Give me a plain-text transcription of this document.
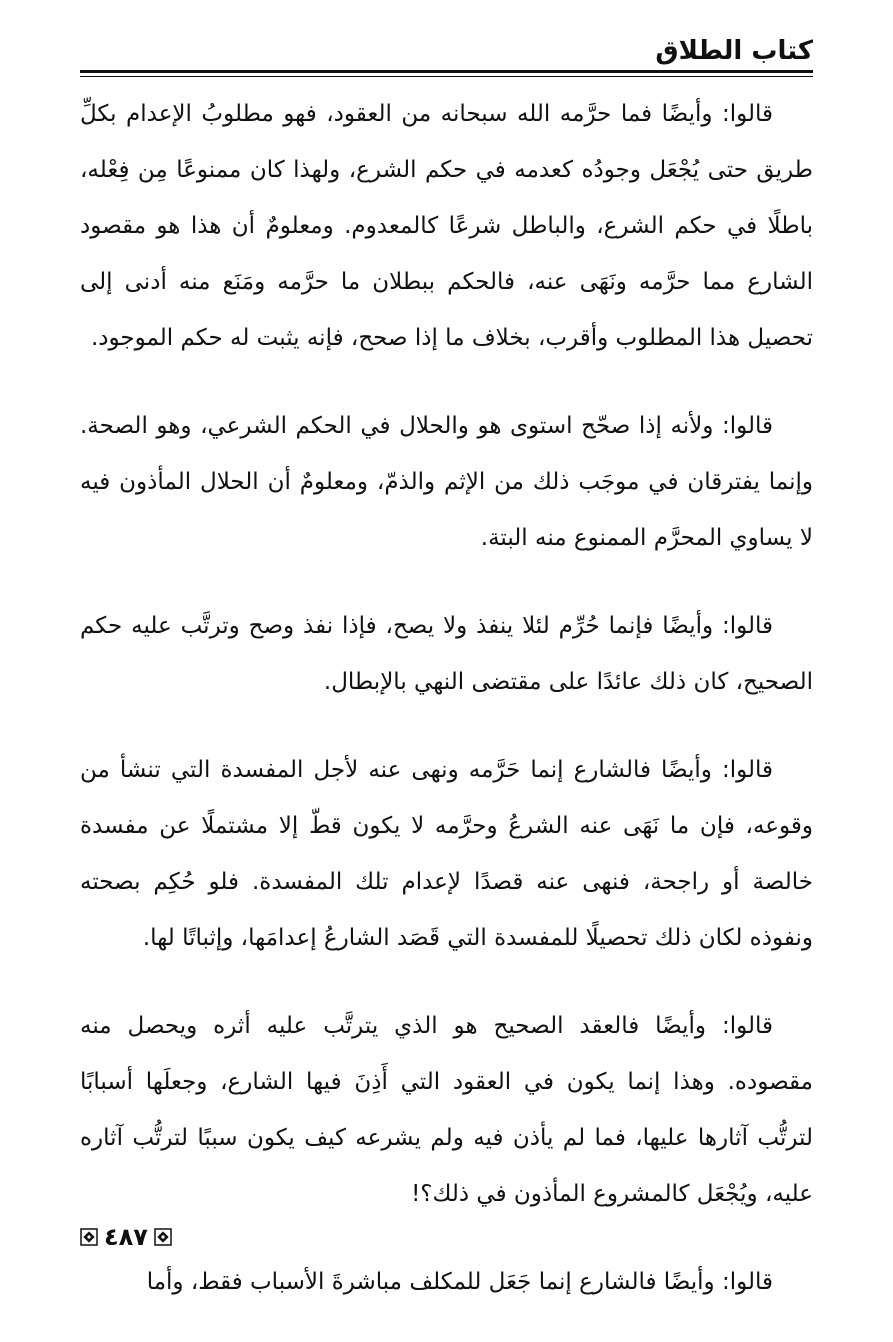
كتاب الطلاق

قالوا: وأيضًا فما حرَّمه الله سبحانه من العقود، فهو مطلوبُ الإعدام بكلِّ طريق حتى يُجْعَل وجودُه كعدمه في حكم الشرع، ولهذا كان ممنوعًا مِن فِعْله، باطلًا في حكم الشرع، والباطل شرعًا كالمعدوم. ومعلومٌ أن هذا هو مقصود الشارع مما حرَّمه ونَهَى عنه، فالحكم ببطلان ما حرَّمه ومَنَع منه أدنى إلى تحصيل هذا المطلوب وأقرب، بخلاف ما إذا صحح، فإنه يثبت له حكم الموجود.

قالوا: ولأنه إذا صحّح استوى هو والحلال في الحكم الشرعي، وهو الصحة. وإنما يفترقان في موجَب ذلك من الإثم والذمّ، ومعلومٌ أن الحلال المأذون فيه لا يساوي المحرَّم الممنوع منه البتة.

قالوا: وأيضًا فإنما حُرِّم لئلا ينفذ ولا يصح، فإذا نفذ وصح وترتَّب عليه حكم الصحيح، كان ذلك عائدًا على مقتضى النهي بالإبطال.

قالوا: وأيضًا فالشارع إنما حَرَّمه ونهى عنه لأجل المفسدة التي تنشأ من وقوعه، فإن ما نَهَى عنه الشرعُ وحرَّمه لا يكون قطّ إلا مشتملًا عن مفسدة خالصة أو راجحة، فنهى عنه قصدًا لإعدام تلك المفسدة. فلو حُكِم بصحته ونفوذه لكان ذلك تحصيلًا للمفسدة التي قَصَد الشارعُ إعدامَها، وإثباتًا لها.

قالوا: وأيضًا فالعقد الصحيح هو الذي يترتَّب عليه أثره ويحصل منه مقصوده. وهذا إنما يكون في العقود التي أَذِنَ فيها الشارع، وجعلَها أسبابًا لترتُّب آثارها عليها، فما لم يأذن فيه ولم يشرعه كيف يكون سببًا لترتُّب آثاره عليه، ويُجْعَل كالمشروع المأذون في ذلك؟!

قالوا: وأيضًا فالشارع إنما جَعَل للمكلف مباشرةَ الأسباب فقط، وأما

٤٨٧
